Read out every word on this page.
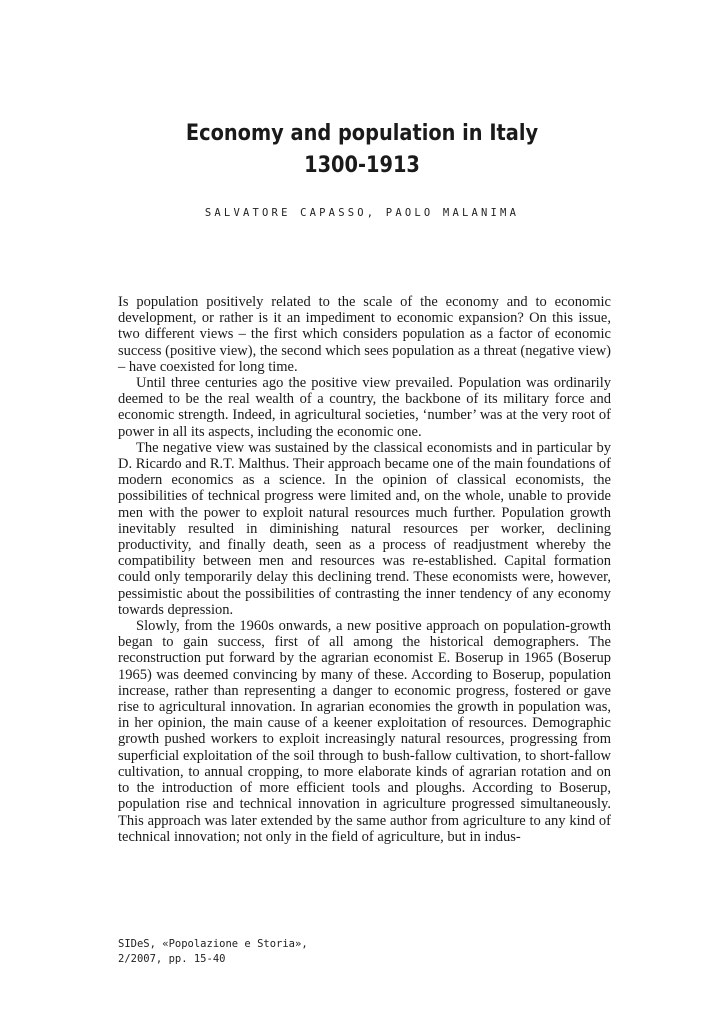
Economy and population in Italy
1300-1913
SALVATORE CAPASSO, PAOLO MALANIMA

Is population positively related to the scale of the economy and to economic development, or rather is it an impediment to economic expansion? On this issue, two different views – the first which considers population as a factor of economic success (positive view), the second which sees population as a threat (negative view) – have coexisted for long time.

Until three centuries ago the positive view prevailed. Population was ordinarily deemed to be the real wealth of a country, the backbone of its military force and economic strength. Indeed, in agricultural societies, ‘number’ was at the very root of power in all its aspects, including the economic one.

The negative view was sustained by the classical economists and in particular by D. Ricardo and R.T. Malthus. Their approach became one of the main foundations of modern economics as a science. In the opinion of classical economists, the possibilities of technical progress were limited and, on the whole, unable to provide men with the power to exploit natural resources much further. Population growth inevitably resulted in diminishing natural resources per worker, declining productivity, and finally death, seen as a process of readjustment whereby the compatibility between men and resources was re-established. Capital formation could only temporarily delay this declining trend. These economists were, however, pessimistic about the possibilities of contrasting the inner tendency of any economy towards depression.

Slowly, from the 1960s onwards, a new positive approach on population-growth began to gain success, first of all among the historical demographers. The reconstruction put forward by the agrarian economist E. Boserup in 1965 (Boserup 1965) was deemed convincing by many of these. According to Boserup, population increase, rather than representing a danger to economic progress, fostered or gave rise to agricultural innovation. In agrarian economies the growth in population was, in her opinion, the main cause of a keener exploitation of resources. Demographic growth pushed workers to exploit increasingly natural resources, progressing from superficial exploitation of the soil through to bush-fallow cultivation, to short-fallow cultivation, to annual cropping, to more elaborate kinds of agrarian rotation and on to the introduction of more efficient tools and ploughs. According to Boserup, population rise and technical innovation in agriculture progressed simultaneously. This approach was later extended by the same author from agriculture to any kind of technical innovation; not only in the field of agriculture, but in indus-

SIDeS, «Popolazione e Storia»,
2/2007, pp. 15-40
